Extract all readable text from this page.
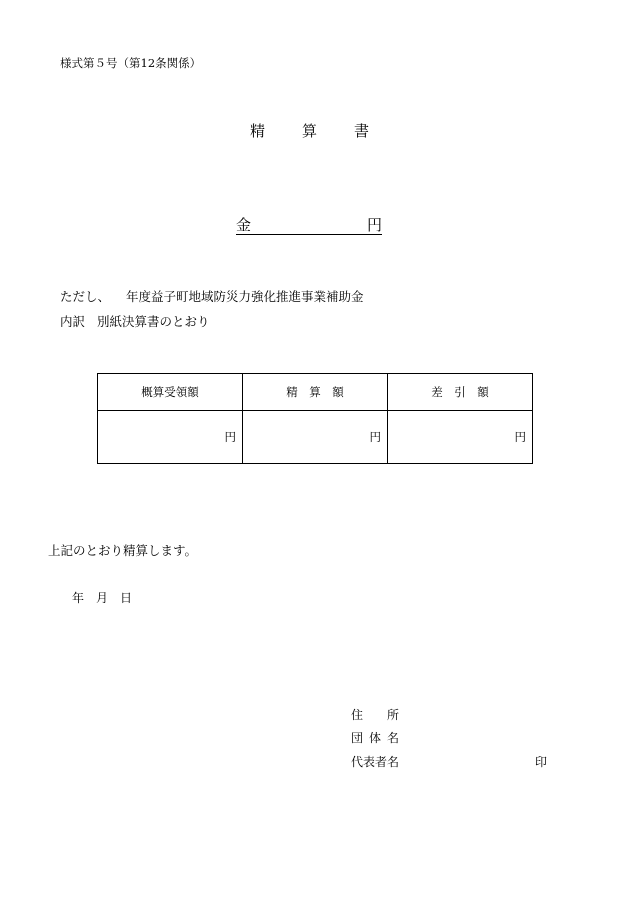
様式第５号（第12条関係）
精 算 書
金	円
ただし、 年度益子町地域防災力強化推進事業補助金
内訳 別紙決算書のとおり
概算受領額	精　算　額	差　引　額
円	円	円
上記のとおり精算します。
年 月 日
住 所
団 体 名
代表者名	印
